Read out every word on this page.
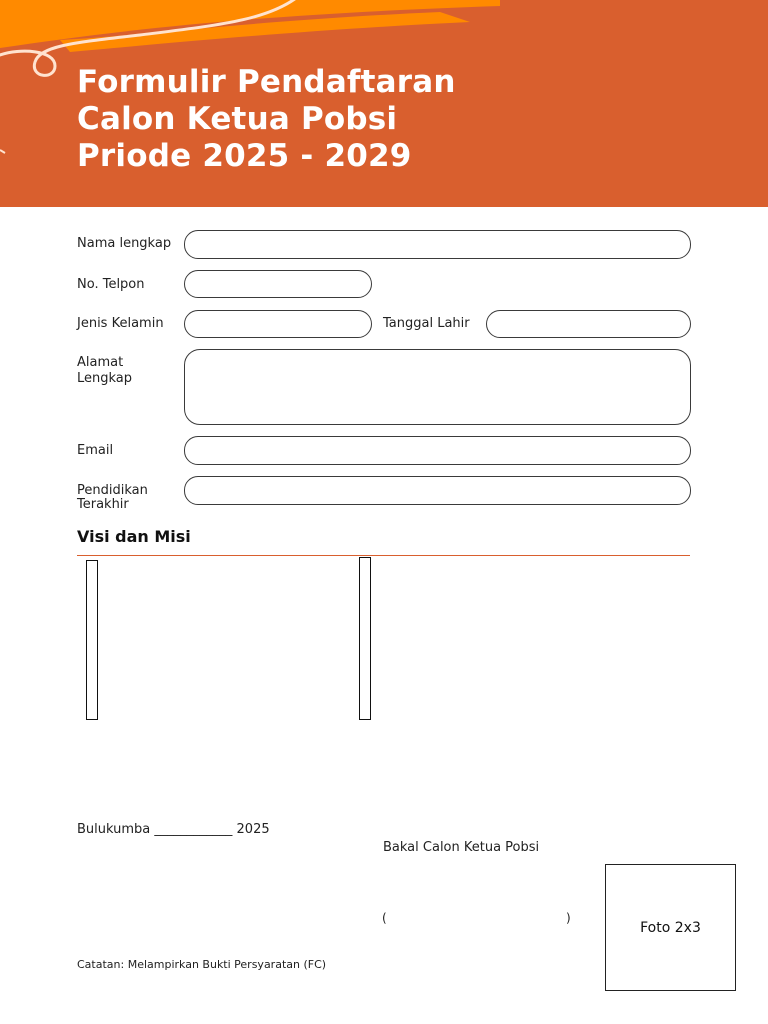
Formulir Pendaftaran
Calon Ketua Pobsi
Priode 2025 - 2029
Nama lengkap
No. Telpon
Jenis Kelamin	Tanggal Lahir
Alamat
Lengkap
Email
Pendidikan
Terakhir
Visi dan Misi
Bulukumba ____________ 2025
Bakal Calon Ketua Pobsi
(	)
Foto 2x3
Catatan: Melampirkan Bukti Persyaratan (FC)
